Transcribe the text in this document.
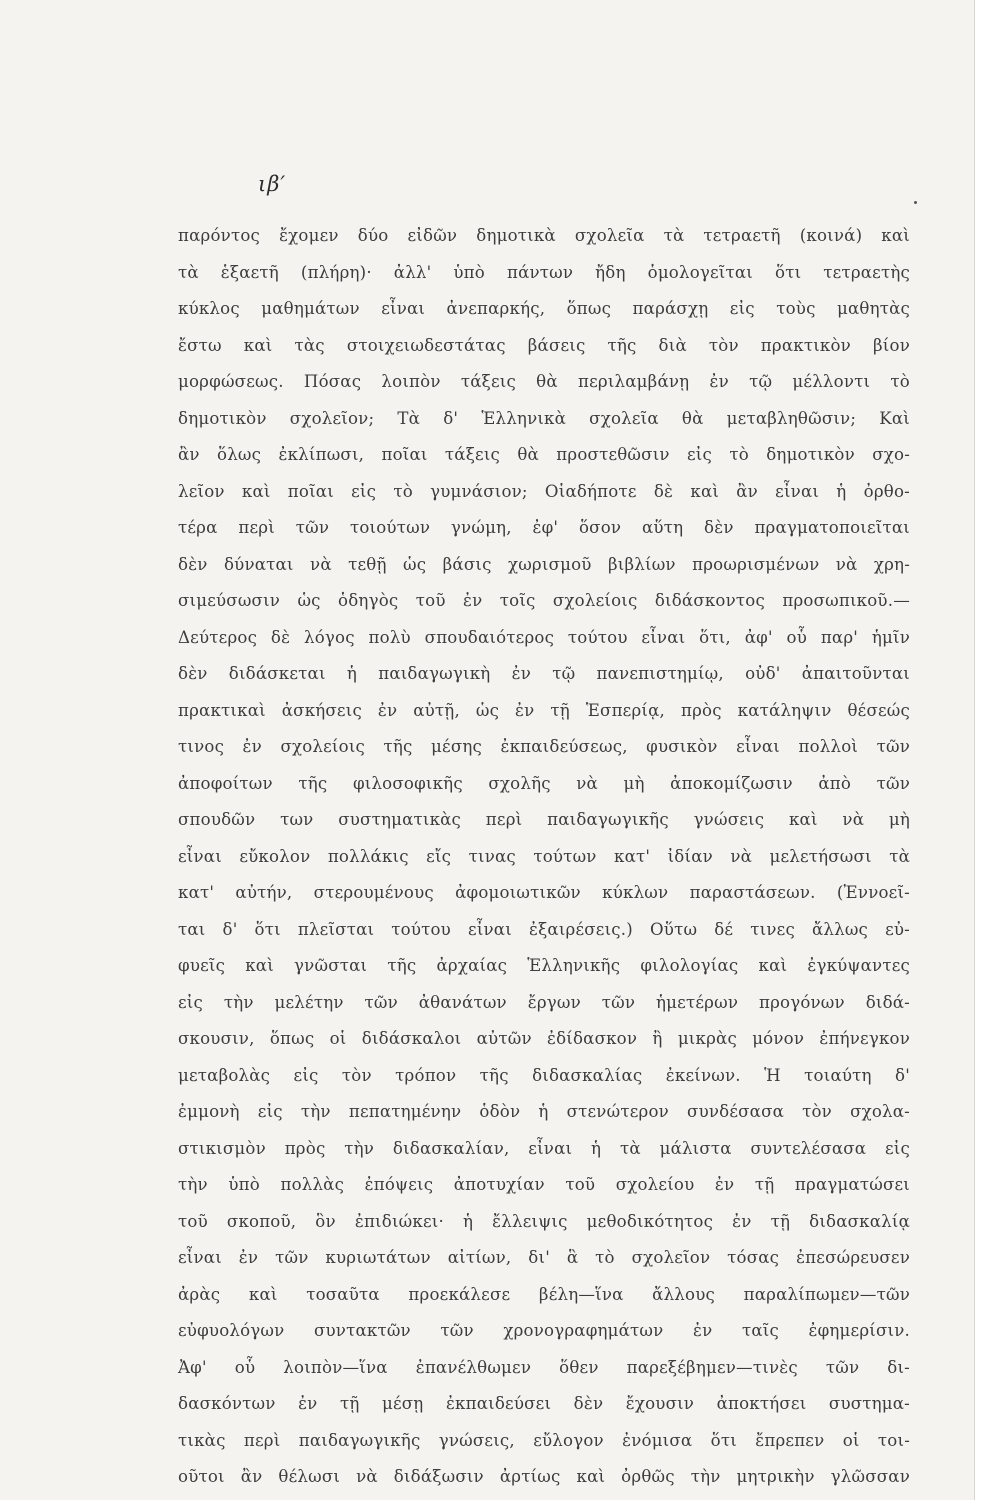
ιβ′
παρόντος ἔχομεν δύο εἰδῶν δημοτικὰ σχολεῖα τὰ τετραετῆ (κοινά) καὶ
τὰ ἑξαετῆ (πλήρη)· ἀλλ' ὑπὸ πάντων ἤδη ὁμολογεῖται ὅτι τετραετὴς
κύκλος μαθημάτων εἶναι ἀνεπαρκής, ὅπως παράσχῃ εἰς τοὺς μαθητὰς
ἔστω καὶ τὰς στοιχειωδεστάτας βάσεις τῆς διὰ τὸν πρακτικὸν βίον
μορφώσεως. Πόσας λοιπὸν τάξεις θὰ περιλαμβάνῃ ἐν τῷ μέλλοντι τὸ
δημοτικὸν σχολεῖον; Τὰ δ' Ἑλληνικὰ σχολεῖα θὰ μεταβληθῶσιν; Καὶ
ἂν ὅλως ἐκλίπωσι, ποῖαι τάξεις θὰ προστεθῶσιν εἰς τὸ δημοτικὸν σχο-
λεῖον καὶ ποῖαι εἰς τὸ γυμνάσιον; Οἱαδήποτε δὲ καὶ ἂν εἶναι ἡ ὀρθο-
τέρα περὶ τῶν τοιούτων γνώμη, ἐφ' ὅσον αὕτη δὲν πραγματοποιεῖται
δὲν δύναται νὰ τεθῇ ὡς βάσις χωρισμοῦ βιβλίων προωρισμένων νὰ χρη-
σιμεύσωσιν ὡς ὁδηγὸς τοῦ ἐν τοῖς σχολείοις διδάσκοντος προσωπικοῦ.—
Δεύτερος δὲ λόγος πολὺ σπουδαιότερος τούτου εἶναι ὅτι, ἀφ' οὗ παρ' ἡμῖν
δὲν διδάσκεται ἡ παιδαγωγικὴ ἐν τῷ πανεπιστημίῳ, οὐδ' ἀπαιτοῦνται
πρακτικαὶ ἀσκήσεις ἐν αὐτῇ, ὡς ἐν τῇ Ἑσπερίᾳ, πρὸς κατάληψιν θέσεώς
τινος ἐν σχολείοις τῆς μέσης ἐκπαιδεύσεως, φυσικὸν εἶναι πολλοὶ τῶν
ἀποφοίτων τῆς φιλοσοφικῆς σχολῆς νὰ μὴ ἀποκομίζωσιν ἀπὸ τῶν
σπουδῶν των συστηματικὰς περὶ παιδαγωγικῆς γνώσεις καὶ νὰ μὴ
εἶναι εὔκολον πολλάκις εἴς τινας τούτων κατ' ἰδίαν νὰ μελετήσωσι τὰ
κατ' αὐτήν, στερουμένους ἀφομοιωτικῶν κύκλων παραστάσεων. (Ἐννοεῖ-
ται δ' ὅτι πλεῖσται τούτου εἶναι ἐξαιρέσεις.) Οὕτω δέ τινες ἄλλως εὐ-
φυεῖς καὶ γνῶσται τῆς ἀρχαίας Ἑλληνικῆς φιλολογίας καὶ ἐγκύψαντες
εἰς τὴν μελέτην τῶν ἀθανάτων ἔργων τῶν ἡμετέρων προγόνων διδά-
σκουσιν, ὅπως οἱ διδάσκαλοι αὐτῶν ἐδίδασκον ἢ μικρὰς μόνον ἐπήνεγκον
μεταβολὰς εἰς τὸν τρόπον τῆς διδασκαλίας ἐκείνων. Ἡ τοιαύτη δ'
ἐμμονὴ εἰς τὴν πεπατημένην ὁδὸν ἡ στενώτερον συνδέσασα τὸν σχολα-
στικισμὸν πρὸς τὴν διδασκαλίαν, εἶναι ἡ τὰ μάλιστα συντελέσασα εἰς
τὴν ὑπὸ πολλὰς ἐπόψεις ἀποτυχίαν τοῦ σχολείου ἐν τῇ πραγματώσει
τοῦ σκοποῦ, ὃν ἐπιδιώκει· ἡ ἔλλειψις μεθοδικότητος ἐν τῇ διδασκαλίᾳ
εἶναι ἐν τῶν κυριωτάτων αἰτίων, δι' ἃ τὸ σχολεῖον τόσας ἐπεσώρευσεν
ἀρὰς καὶ τοσαῦτα προεκάλεσε βέλη—ἵνα ἄλλους παραλίπωμεν—τῶν
εὐφυολόγων συντακτῶν τῶν χρονογραφημάτων ἐν ταῖς ἐφημερίσιν.
Ἀφ' οὗ λοιπὸν—ἵνα ἐπανέλθωμεν ὅθεν παρεξέβημεν—τινὲς τῶν δι-
δασκόντων ἐν τῇ μέσῃ ἐκπαιδεύσει δὲν ἔχουσιν ἀποκτήσει συστημα-
τικὰς περὶ παιδαγωγικῆς γνώσεις, εὔλογον ἐνόμισα ὅτι ἔπρεπεν οἱ τοι-
οῦτοι ἂν θέλωσι νὰ διδάξωσιν ἀρτίως καὶ ὀρθῶς τὴν μητρικὴν γλῶσσαν
